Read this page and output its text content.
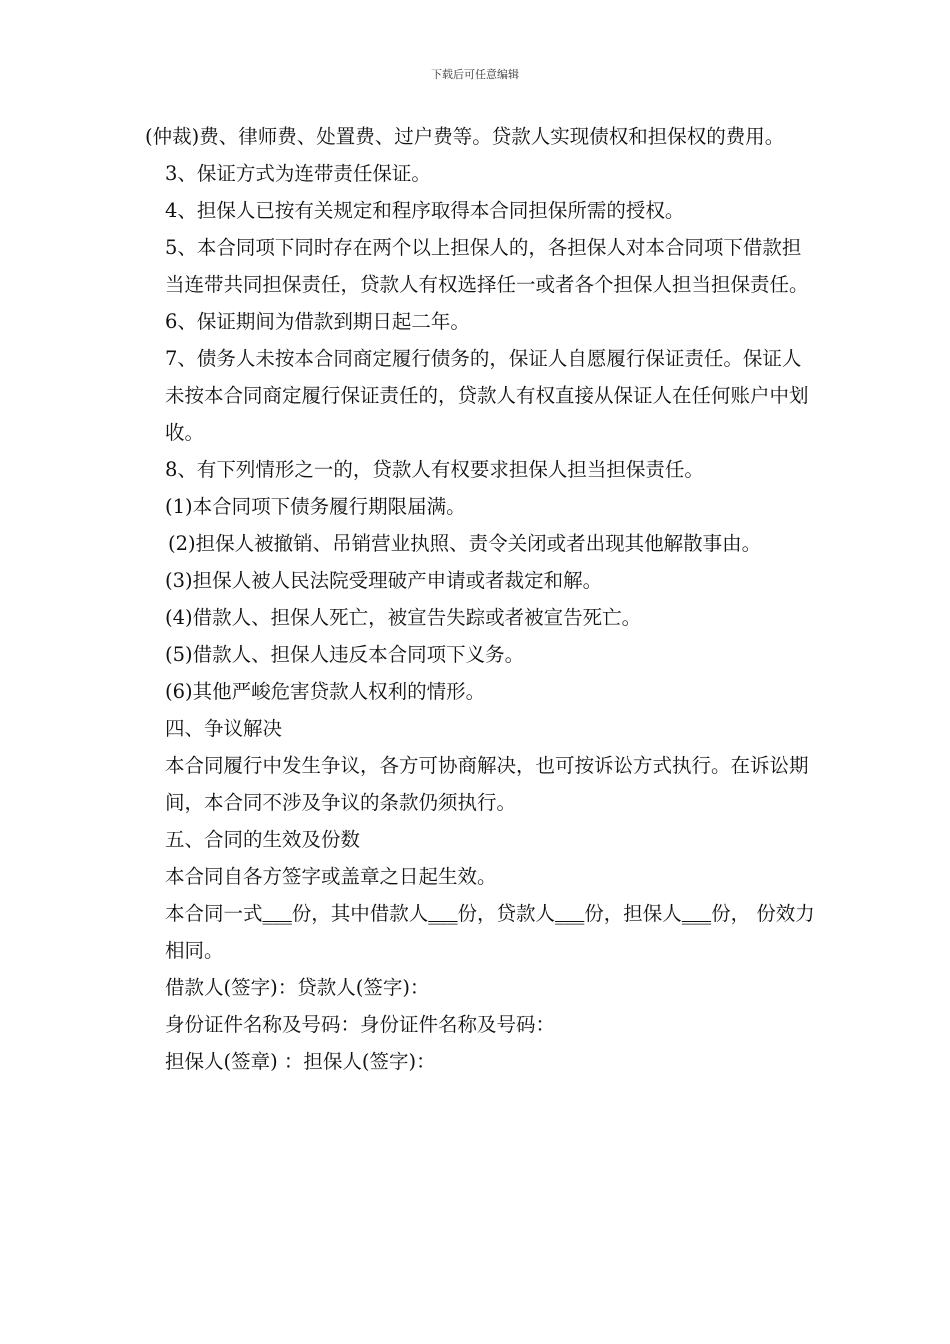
下载后可任意编辑

(仲裁)费、律师费、处置费、过户费等。贷款人实现债权和担保权的费用。

3、保证方式为连带责任保证。

4、担保人已按有关规定和程序取得本合同担保所需的授权。

5、本合同项下同时存在两个以上担保人的，各担保人对本合同项下借款担当连带共同担保责任，贷款人有权选择任一或者各个担保人担当担保责任。

6、保证期间为借款到期日起二年。

7、债务人未按本合同商定履行债务的，保证人自愿履行保证责任。保证人未按本合同商定履行保证责任的，贷款人有权直接从保证人在任何账户中划收。

8、有下列情形之一的，贷款人有权要求担保人担当担保责任。

(1)本合同项下债务履行期限届满。

(2)担保人被撤销、吊销营业执照、责令关闭或者出现其他解散事由。

(3)担保人被人民法院受理破产申请或者裁定和解。

(4)借款人、担保人死亡，被宣告失踪或者被宣告死亡。

(5)借款人、担保人违反本合同项下义务。

(6)其他严峻危害贷款人权利的情形。

四、争议解决

本合同履行中发生争议，各方可协商解决，也可按诉讼方式执行。在诉讼期间，本合同不涉及争议的条款仍须执行。

五、合同的生效及份数

本合同自各方签字或盖章之日起生效。

本合同一式___份，其中借款人___份，贷款人___份，担保人___份， 份效力相同。

借款人(签字)：贷款人(签字)：

身份证件名称及号码：身份证件名称及号码：

担保人(签章) ：担保人(签字)：
